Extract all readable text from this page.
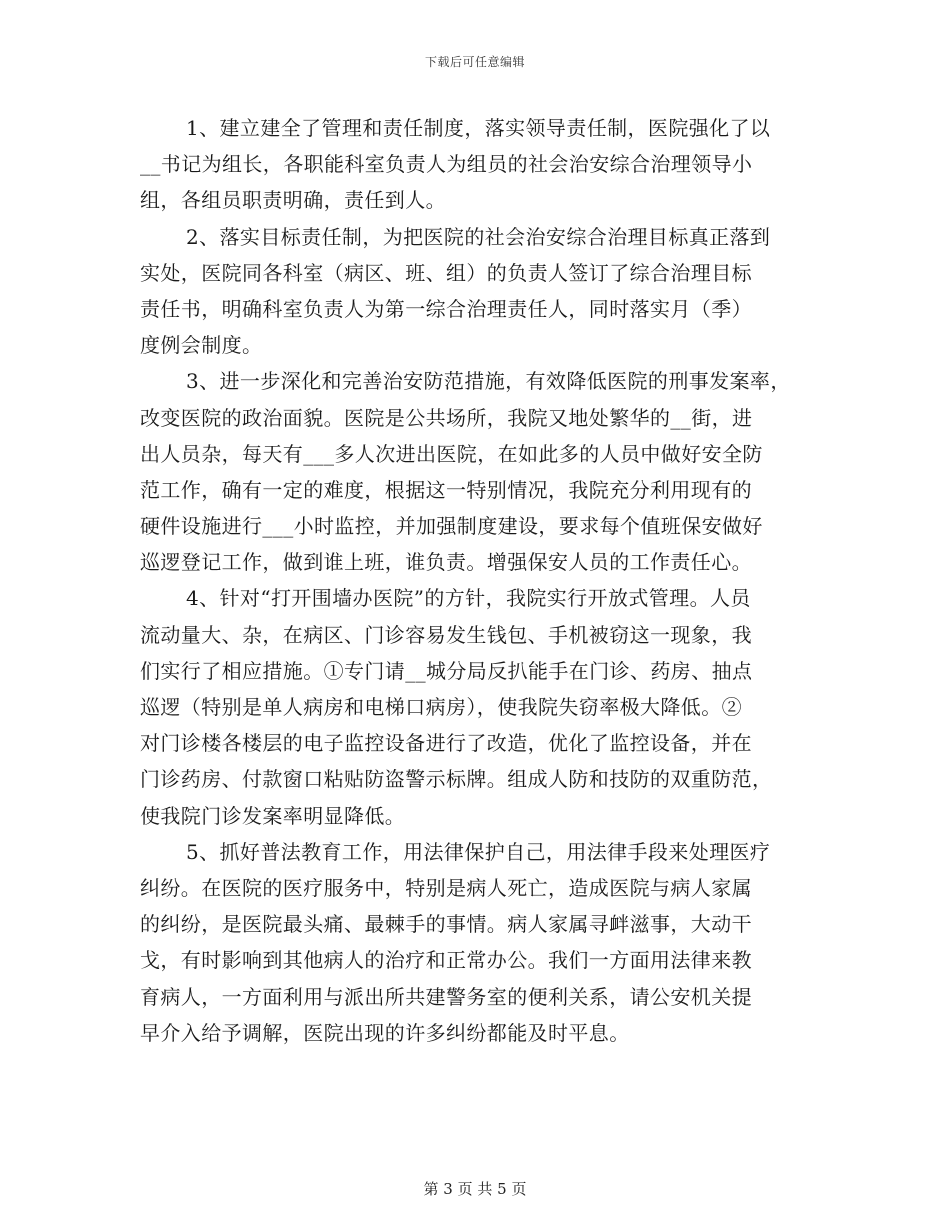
下载后可任意编辑
1、建立建全了管理和责任制度，落实领导责任制，医院强化了以
__书记为组长，各职能科室负责人为组员的社会治安综合治理领导小
组，各组员职责明确，责任到人。
2、落实目标责任制，为把医院的社会治安综合治理目标真正落到
实处，医院同各科室（病区、班、组）的负责人签订了综合治理目标
责任书，明确科室负责人为第一综合治理责任人，同时落实月（季）
度例会制度。
3、进一步深化和完善治安防范措施，有效降低医院的刑事发案率，
改变医院的政治面貌。医院是公共场所，我院又地处繁华的__街，进
出人员杂，每天有___多人次进出医院，在如此多的人员中做好安全防
范工作，确有一定的难度，根据这一特别情况，我院充分利用现有的
硬件设施进行___小时监控，并加强制度建设，要求每个值班保安做好
巡逻登记工作，做到谁上班，谁负责。增强保安人员的工作责任心。
4、针对“打开围墙办医院”的方针，我院实行开放式管理。人员
流动量大、杂，在病区、门诊容易发生钱包、手机被窃这一现象，我
们实行了相应措施。①专门请__城分局反扒能手在门诊、药房、抽点
巡逻（特别是单人病房和电梯口病房），使我院失窃率极大降低。②
对门诊楼各楼层的电子监控设备进行了改造，优化了监控设备，并在
门诊药房、付款窗口粘贴防盗警示标牌。组成人防和技防的双重防范，
使我院门诊发案率明显降低。
5、抓好普法教育工作，用法律保护自己，用法律手段来处理医疗
纠纷。在医院的医疗服务中，特别是病人死亡，造成医院与病人家属
的纠纷，是医院最头痛、最棘手的事情。病人家属寻衅滋事，大动干
戈，有时影响到其他病人的治疗和正常办公。我们一方面用法律来教
育病人，一方面利用与派出所共建警务室的便利关系，请公安机关提
早介入给予调解，医院出现的许多纠纷都能及时平息。
第 3 页 共 5 页
